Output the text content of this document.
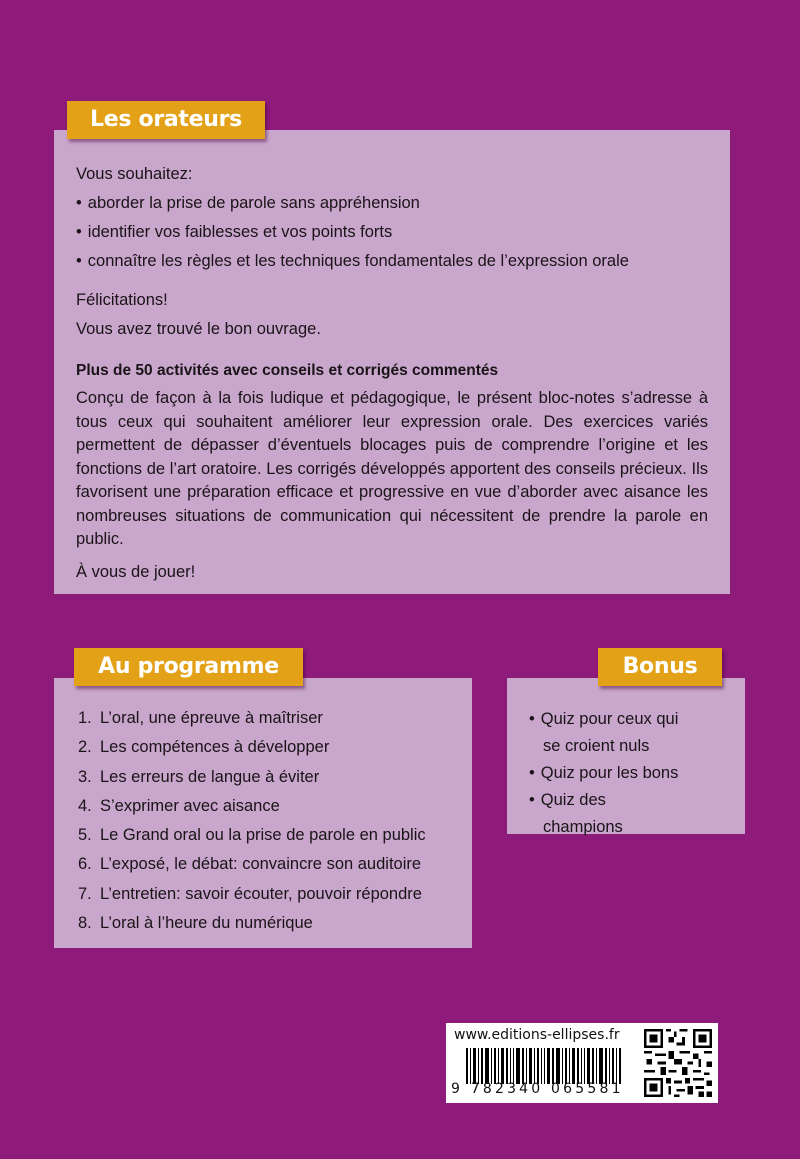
Les orateurs

Vous souhaitez:

• aborder la prise de parole sans appréhension

• identifier vos faiblesses et vos points forts

• connaître les règles et les techniques fondamentales de l’expression orale

Félicitations!

Vous avez trouvé le bon ouvrage.

Plus de 50 activités avec conseils et corrigés commentés

Conçu de façon à la fois ludique et pédagogique, le présent bloc-notes s’adresse à tous ceux qui souhaitent améliorer leur expression orale. Des exercices variés permettent de dépasser d’éventuels blocages puis de comprendre l’origine et les fonctions de l’art oratoire. Les corrigés développés apportent des conseils précieux. Ils favorisent une préparation efficace et progressive en vue d’aborder avec aisance les nombreuses situations de communication qui nécessitent de prendre la parole en public.

À vous de jouer!

Au programme
1. L’oral, une épreuve à maîtriser
2. Les compétences à développer
3. Les erreurs de langue à éviter
4. S’exprimer avec aisance
5. Le Grand oral ou la prise de parole en public
6. L’exposé, le débat: convaincre son auditoire
7. L’entretien: savoir écouter, pouvoir répondre
8. L’oral à l’heure du numérique
Bonus
• Quiz pour ceux qui se croient nuls
• Quiz pour les bons
• Quiz des champions
www.editions-ellipses.fr
9 782340 065581
